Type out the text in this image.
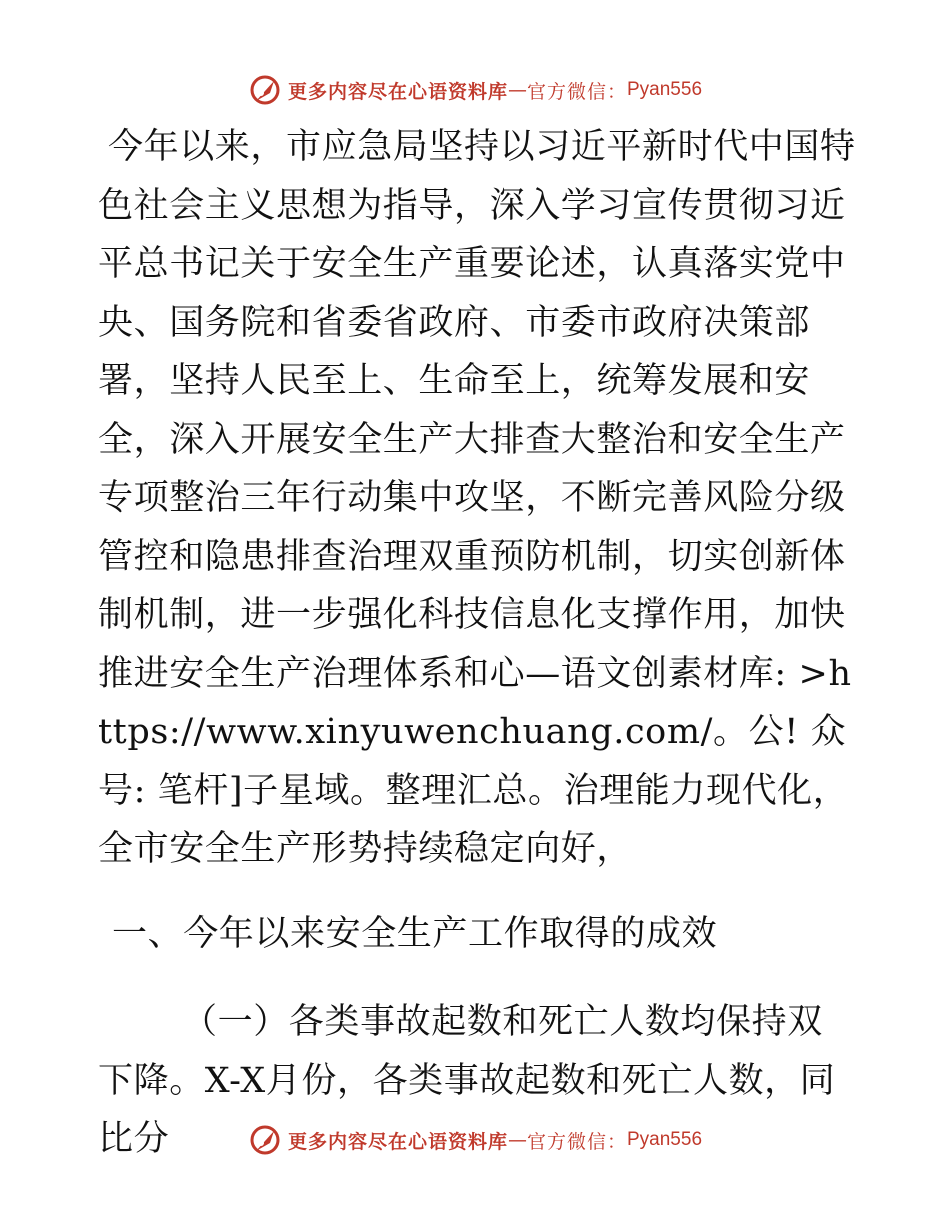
更多内容尽在心语资料库 — 官方微信： Pyan556

今年以来，市应急局坚持以习近平新时代中国特色社会主义思想为指导，深入学习宣传贯彻习近平总书记关于安全生产重要论述，认真落实党中央、国务院和省委省政府、市委市政府决策部署，坚持人民至上、生命至上，统筹发展和安全，深入开展安全生产大排查大整治和安全生产专项整治三年行动集中攻坚，不断完善风险分级管控和隐患排查治理双重预防机制，切实创新体制机制，进一步强化科技信息化支撑作用，加快推进安全生产治理体系和心—语文创素材库: >https://www.xinyuwenchuang.com/。公! 众号: 笔杆]子星域。整理汇总。治理能力现代化，全市安全生产形势持续稳定向好，

一、今年以来安全生产工作取得的成效

（一）各类事故起数和死亡人数均保持双下降。X-X月份，各类事故起数和死亡人数，同比分	更多内容尽在心语资料库 — 官方微信： Pyan556
